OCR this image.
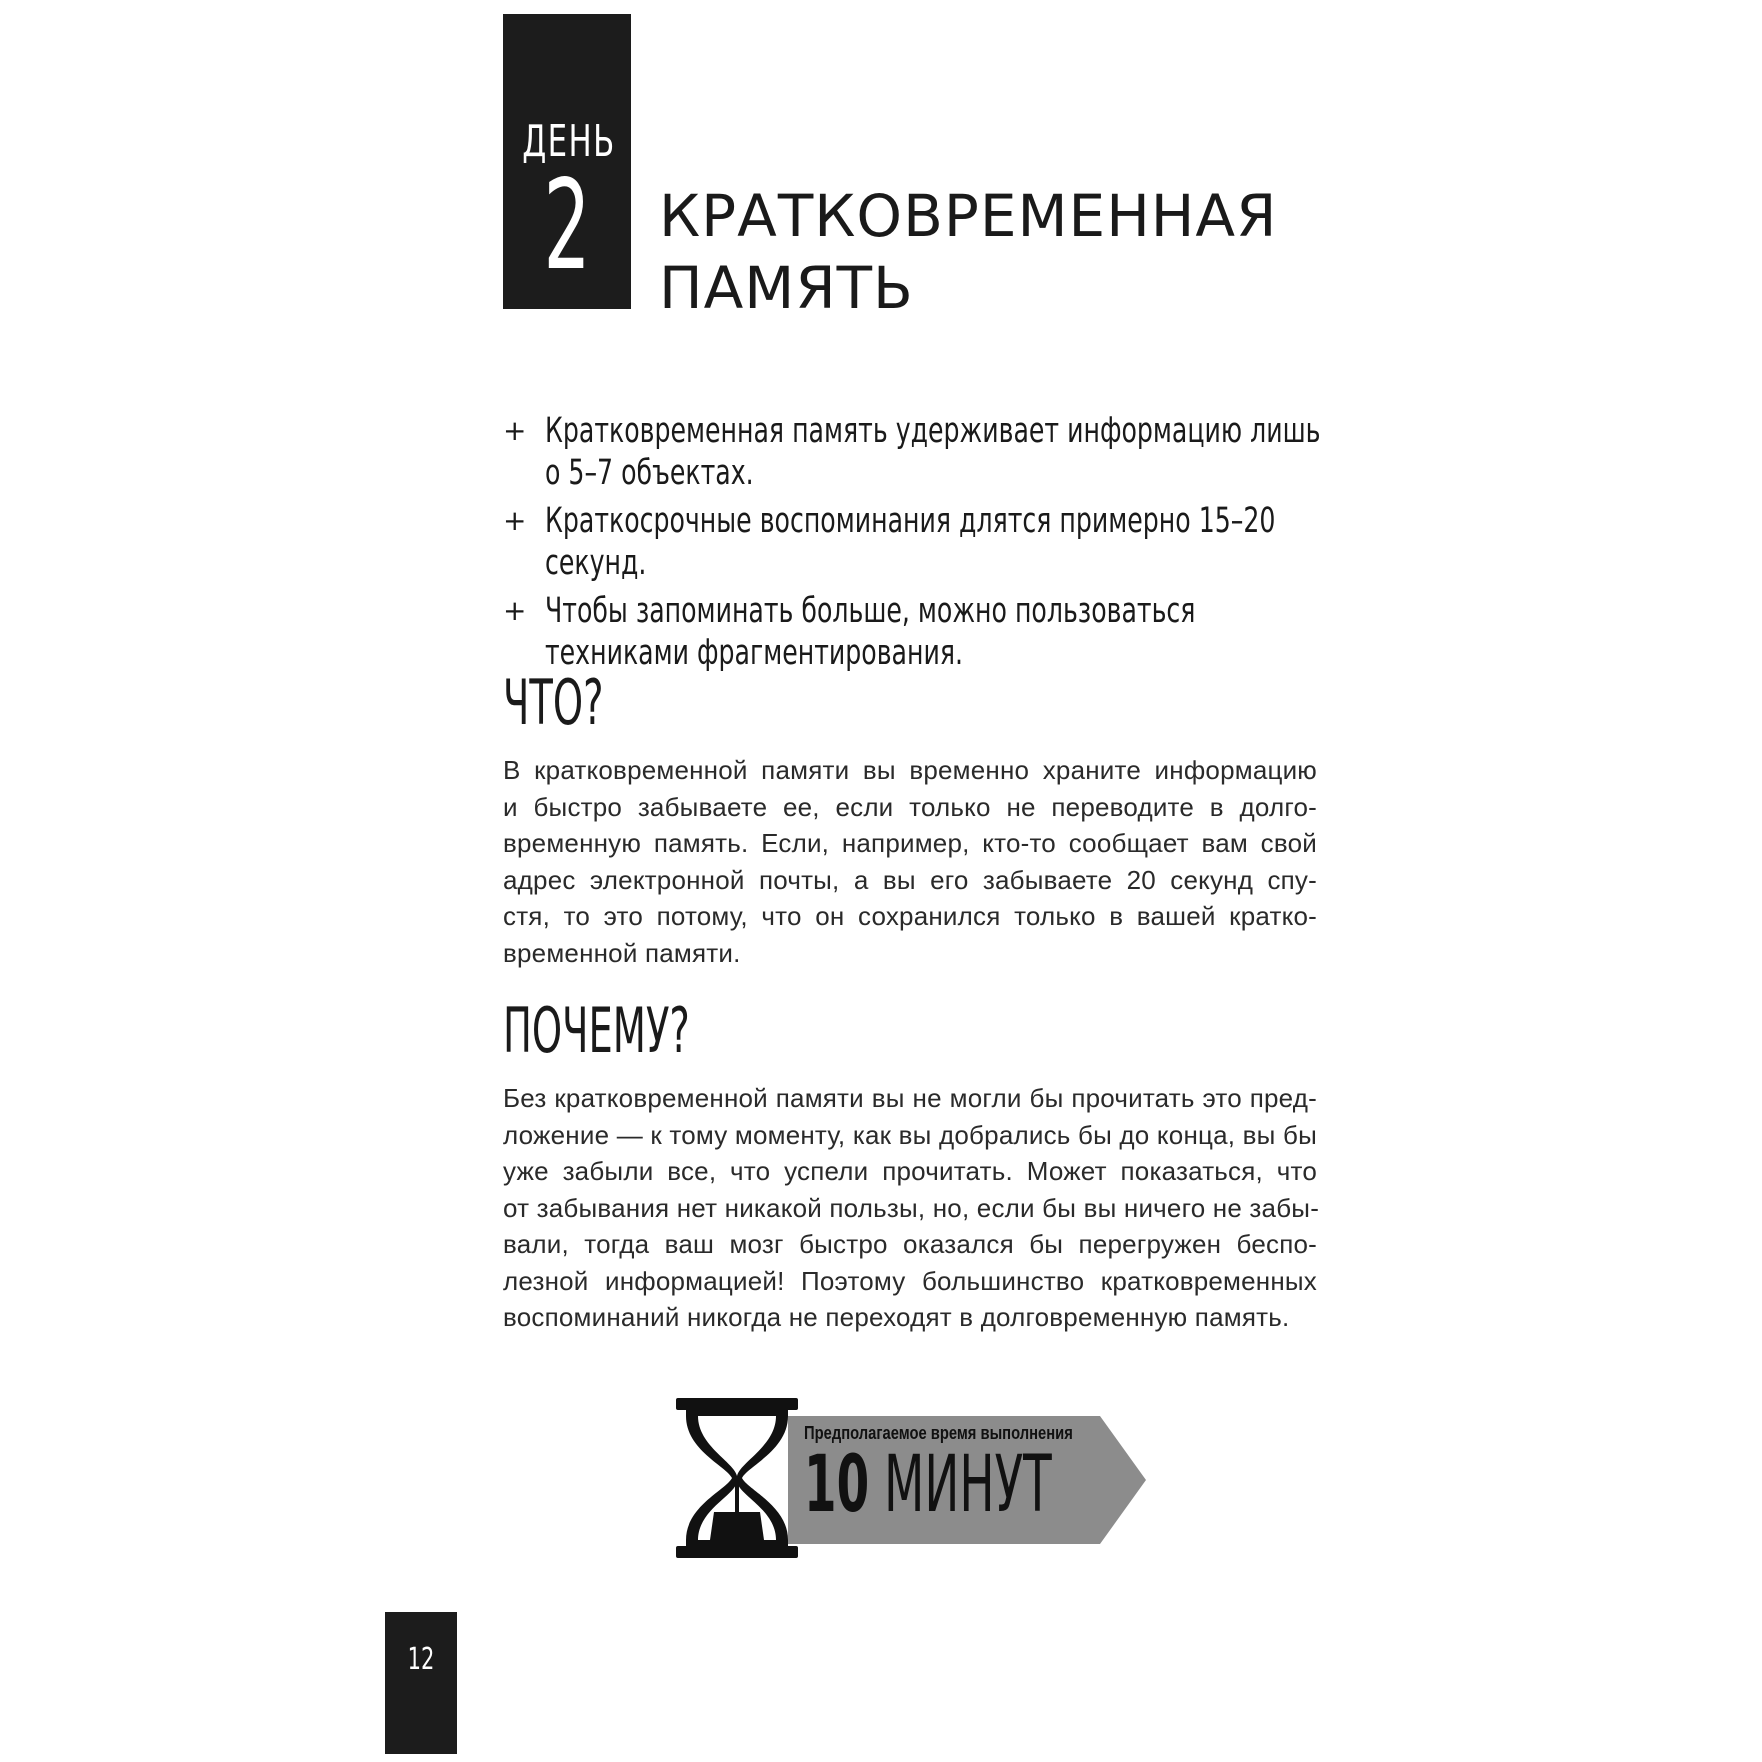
ДЕНЬ
2 КРАТКОВРЕМЕННАЯ
ПАМЯТЬ
+ Кратковременная память удерживает информацию лишь о 5–7 объектах.
+ Краткосрочные воспоминания длятся примерно 15–20 секунд.
+ Чтобы запоминать больше, можно пользоваться техниками фрагментирования.
ЧТО?
В кратковременной памяти вы временно храните информацию
и быстро забываете ее, если только не переводите в долго-
временную память. Если, например, кто-то сообщает вам свой
адрес электронной почты, а вы его забываете 20 секунд спу-
стя, то это потому, что он сохранился только в вашей кратко-
временной памяти.
ПОЧЕМУ?
Без кратковременной памяти вы не могли бы прочитать это пред-
ложение — к тому моменту, как вы добрались бы до конца, вы бы
уже забыли все, что успели прочитать. Может показаться, что
от забывания нет никакой пользы, но, если бы вы ничего не забы-
вали, тогда ваш мозг быстро оказался бы перегружен беспо-
лезной информацией! Поэтому большинство кратковременных
воспоминаний никогда не переходят в долговременную память.
Предполагаемое время выполнения
10 МИНУТ
12
